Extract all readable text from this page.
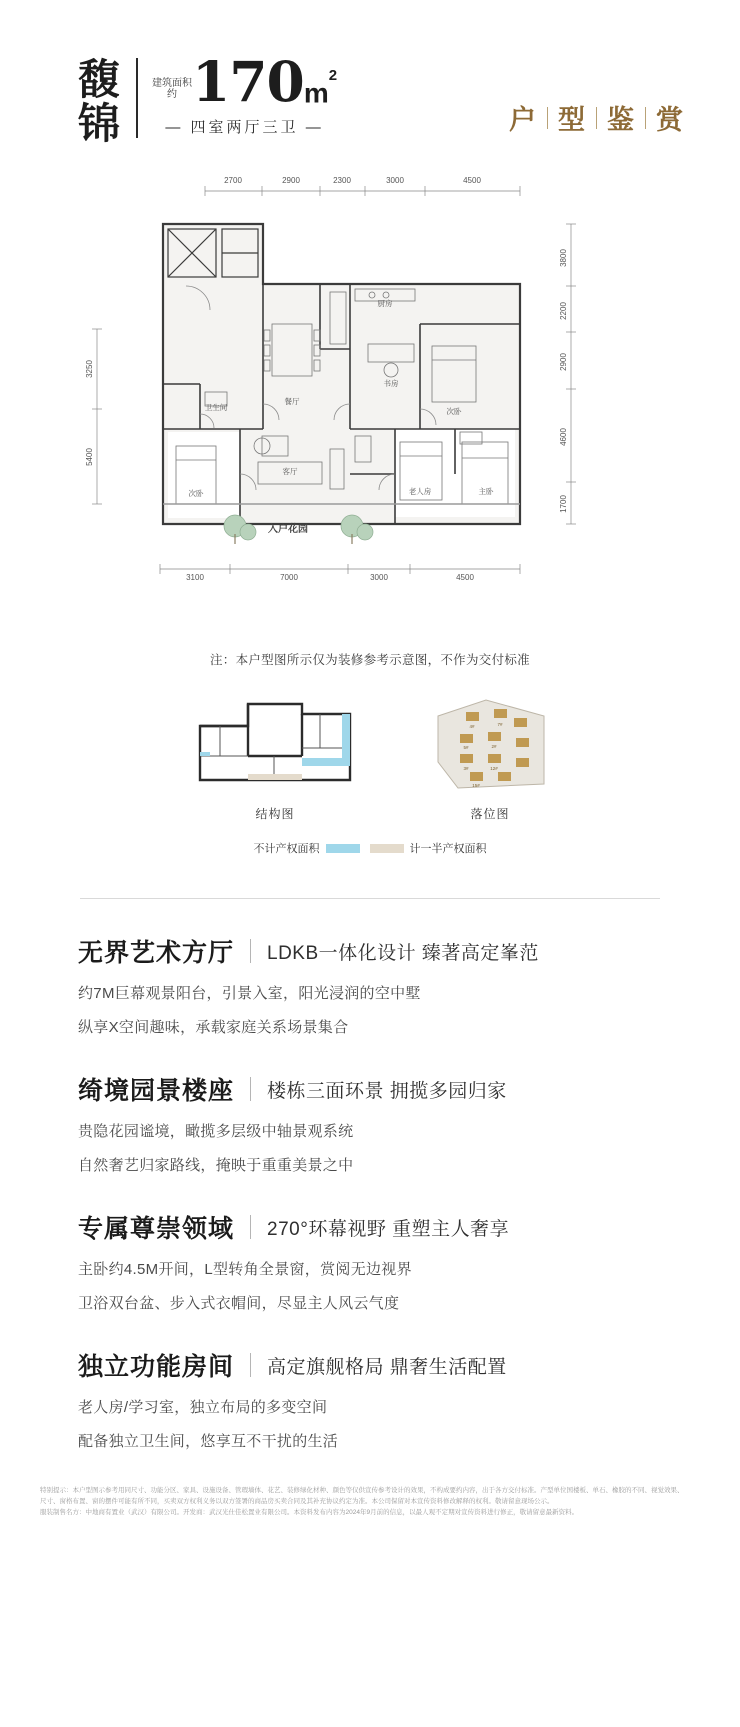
馥
锦
建筑面积约 170 $m^2$
— 四室两厅三卫 —	户 型 鉴 赏
2700	2900	2300	3000	4500
3800
2200
2900
4600
1700
3250
5400
3100	7000	3000	4500
入户花园
餐厅
客厅
厨房
书房
次卧
主卧
老人房
次卧
卫生间
注：本户型图所示仅为装修参考示意图，不作为交付标准
结构图
4#	7#
5#	2#
3#	12#
15#
落位图
不计产权面积	计一半产权面积
无界艺术方厅 LDKB一体化设计 臻著高定峯范
约7M巨幕观景阳台，引景入室，阳光浸润的空中墅
纵享X空间趣味，承载家庭关系场景集合
绮境园景楼座 楼栋三面环景 拥揽多园归家
贵隐花园谧境，瞰揽多层级中轴景观系统
自然奢艺归家路线，掩映于重重美景之中
专属尊崇领域 270°环幕视野 重塑主人奢享
主卧约4.5M开间，L型转角全景窗，赏阅无边视界
卫浴双台盆、步入式衣帽间，尽显主人风云气度
独立功能房间 高定旗舰格局 鼎奢生活配置
老人房/学习室，独立布局的多变空间
配备独立卫生间，悠享互不干扰的生活
特别提示：本户型图示参考用同尺寸、功能分区、家具、设施设备、管瑕墙体、花艺、装修绿化材种、颜色等仅供宣传参考设计的效果，不构成要约内容，出于各方交付标准。产型单位国楼板、单石、橡胶的不同、视觉效果、
尺寸、窗格布置、窗的摆件可能有所不同，买卖双方权利义务以双方签署的商品房买卖合同及其补充协议约定为准。本公司保留对本宣传资料修改解释的权利。敬请留意现场公示。
服装制售名方：中地商有置业（武汉）有限公司。开发商：武汉光仕佳松置业有限公司。本资料发布内容为2024年9月前的信息，以最人观不定期对宣传资料进行修正，敬请留意最新资料。
